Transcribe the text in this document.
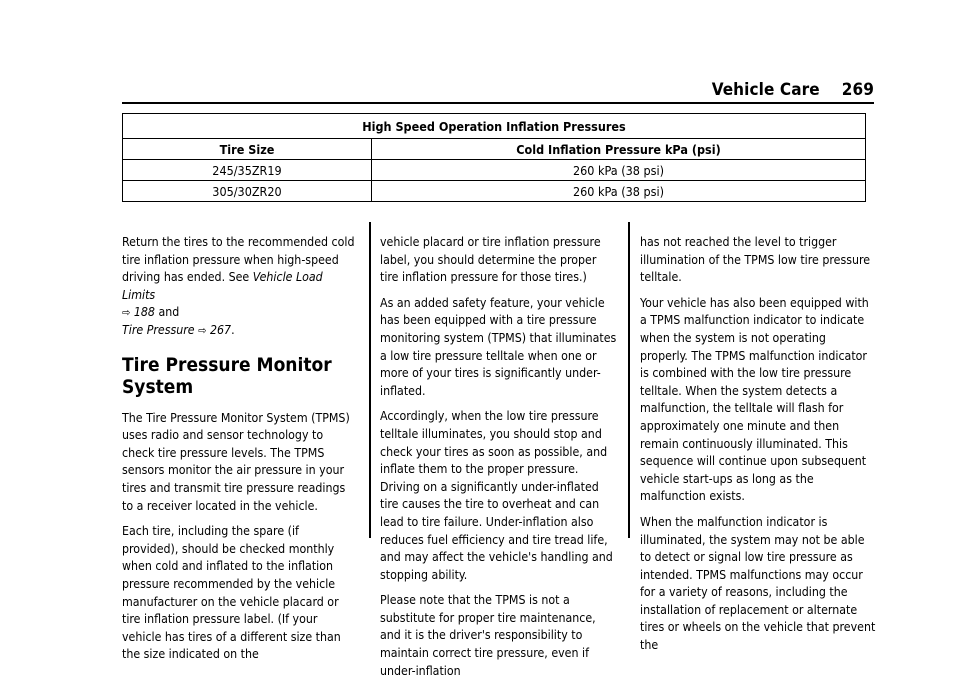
Vehicle Care 269
High Speed Operation Inflation Pressures	
Tire Size	Cold Inflation Pressure kPa (psi)
245/35ZR19	260 kPa (38 psi)
305/30ZR20	260 kPa (38 psi)

Return the tires to the recommended cold tire inflation pressure when high-speed driving has ended. See Vehicle Load Limits
⇨ 188 and
Tire Pressure ⇨ 267.

Tire Pressure Monitor System

The Tire Pressure Monitor System (TPMS) uses radio and sensor technology to check tire pressure levels. The TPMS sensors monitor the air pressure in your tires and transmit tire pressure readings to a receiver located in the vehicle.

Each tire, including the spare (if provided), should be checked monthly when cold and inflated to the inflation pressure recommended by the vehicle manufacturer on the vehicle placard or tire inflation pressure label. (If your vehicle has tires of a different size than the size indicated on the

vehicle placard or tire inflation pressure label, you should determine the proper tire inflation pressure for those tires.)

As an added safety feature, your vehicle has been equipped with a tire pressure monitoring system (TPMS) that illuminates a low tire pressure telltale when one or more of your tires is significantly under-inflated.

Accordingly, when the low tire pressure telltale illuminates, you should stop and check your tires as soon as possible, and inflate them to the proper pressure. Driving on a significantly under-inflated tire causes the tire to overheat and can lead to tire failure. Under-inflation also reduces fuel efficiency and tire tread life, and may affect the vehicle's handling and stopping ability.

Please note that the TPMS is not a substitute for proper tire maintenance, and it is the driver's responsibility to maintain correct tire pressure, even if under-inflation

has not reached the level to trigger illumination of the TPMS low tire pressure telltale.

Your vehicle has also been equipped with a TPMS malfunction indicator to indicate when the system is not operating properly. The TPMS malfunction indicator is combined with the low tire pressure telltale. When the system detects a malfunction, the telltale will flash for approximately one minute and then remain continuously illuminated. This sequence will continue upon subsequent vehicle start-ups as long as the malfunction exists.

When the malfunction indicator is illuminated, the system may not be able to detect or signal low tire pressure as intended. TPMS malfunctions may occur for a variety of reasons, including the installation of replacement or alternate tires or wheels on the vehicle that prevent the
